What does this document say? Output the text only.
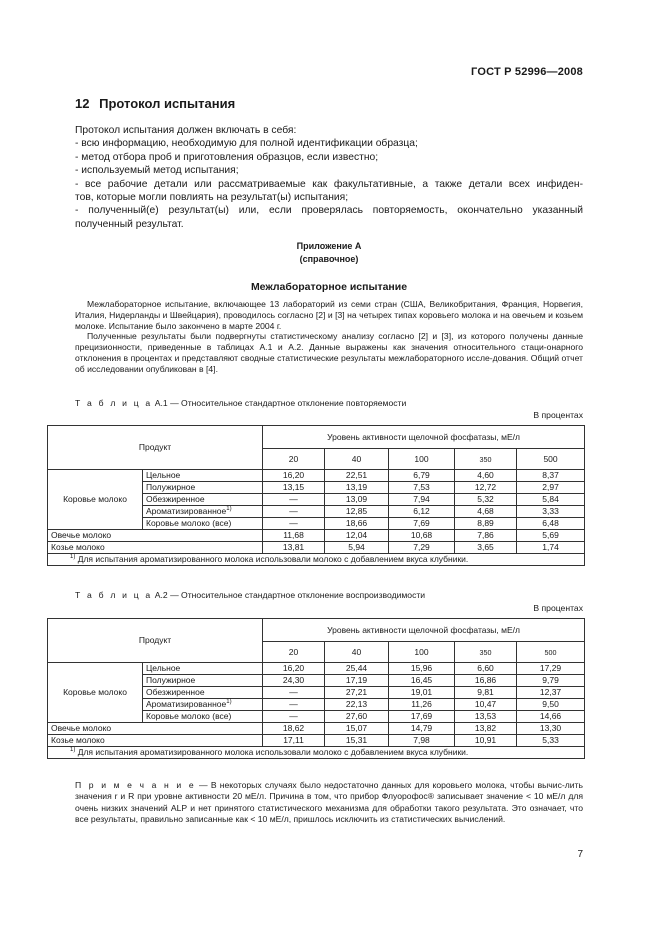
ГОСТ Р 52996—2008
12 Протокол испытания

Протокол испытания должен включать в себя:

- всю информацию, необходимую для полной идентификации образца;

- метод отбора проб и приготовления образцов, если известно;

- используемый метод испытания;

- все рабочие детали или рассматриваемые как факультативные, а также детали всех инфиден-

тов, которые могли повлиять на результат(ы) испытания;

- полученный(е) результат(ы) или, если проверялась повторяемость, окончательно указанный

полученный результат.

Приложение А
(справочное)
Межлабораторное испытание

Межлабораторное испытание, включающее 13 лабораторий из семи стран (США, Великобритания, Франция, Норвегия, Италия, Нидерланды и Швейцария), проводилось согласно [2] и [3] на четырех типах коровьего молока и на овечьем и козьем молоке. Испытание было закончено в марте 2004 г.

Полученные результаты были подвергнуты статистическому анализу согласно [2] и [3], из которого получены данные прецизионности, приведенные в таблицах А.1 и А.2. Данные выражены как значения относительного стаци-онарного отклонения в процентах и представляют сводные статистические результаты межлабораторного иссле-дования. Общий отчет об исследовании опубликован в [4].

Т а б л и ц а А.1 — Относительное стандартное отклонение повторяемости
В процентах
Продукт		Уровень активности щелочной фосфатазы, мЕ/л				
		20	40	100	350	500
Коровье молоко	Цельное	16,20	22,51	6,79	4,60	8,37
	Полужирное	13,15	13,19	7,53	12,72	2,97
	Обезжиренное	—	13,09	7,94	5,32	5,84
	Ароматизированное$^{1)}$	—	12,85	6,12	4,68	3,33
	Коровье молоко (все)	—	18,66	7,69	8,89	6,48
Овечье молоко		11,68	12,04	10,68	7,86	5,69
Козье молоко		13,81	5,94	7,29	3,65	1,74
$^{1)}$ Для испытания ароматизированного молока использовали молоко с добавлением вкуса клубники.						
Т а б л и ц а А.2 — Относительное стандартное отклонение воспроизводимости
В процентах
Продукт		Уровень активности щелочной фосфатазы, мЕ/л				
		20	40	100	350	500
Коровье молоко	Цельное	16,20	25,44	15,96	6,60	17,29
	Полужирное	24,30	17,19	16,45	16,86	9,79
	Обезжиренное	—	27,21	19,01	9,81	12,37
	Ароматизированное$^{1)}$	—	22,13	11,26	10,47	9,50
	Коровье молоко (все)	—	27,60	17,69	13,53	14,66
Овечье молоко		18,62	15,07	14,79	13,82	13,30
Козье молоко		17,11	15,31	7,98	10,91	5,33
$^{1)}$ Для испытания ароматизированного молока использовали молоко с добавлением вкуса клубники.						
П р и м е ч а н и е — В некоторых случаях было недостаточно данных для коровьего молока, чтобы вычис-лить значения r и R при уровне активности 20 мЕ/л. Причина в том, что прибор Флуорофос® записывает значение < 10 мЕ/л для очень низких значений ALP и нет принятого статистического механизма для обработки такого результата. Это означает, что все результаты, правильно записанные как < 10 мЕ/л, пришлось исключить из статистических вычислений.
7
